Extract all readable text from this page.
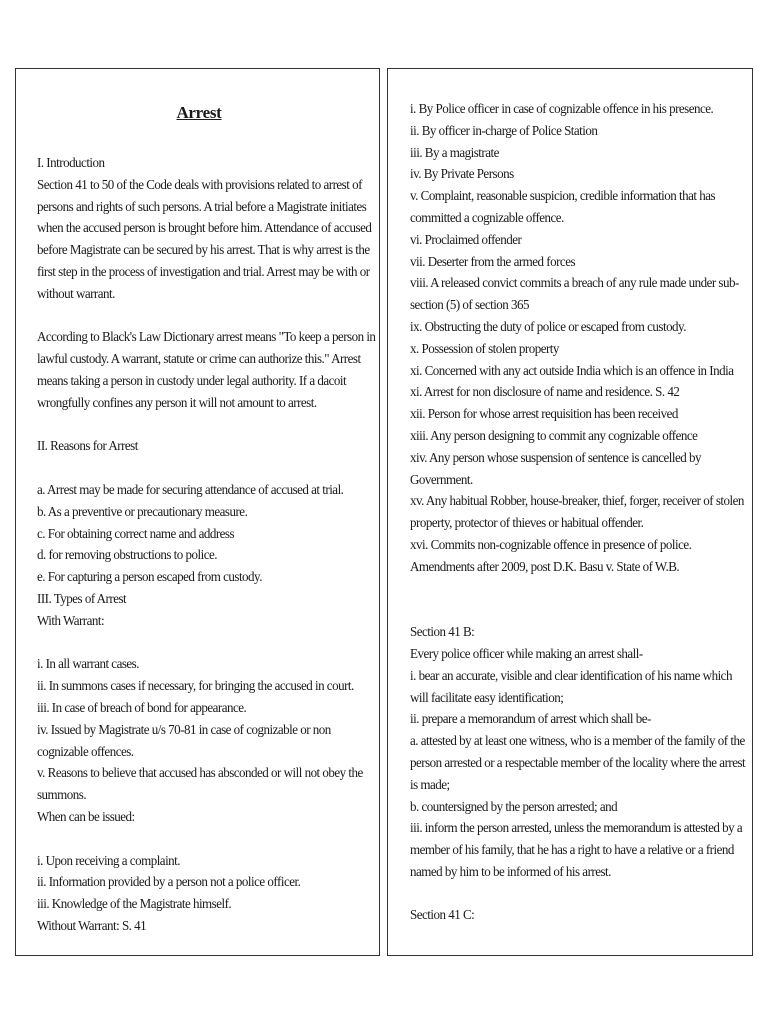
Arrest
I. Introduction
Section 41 to 50 of the Code deals with provisions related to arrest of
persons and rights of such persons. A trial before a Magistrate initiates
when the accused person is brought before him. Attendance of accused
before Magistrate can be secured by his arrest. That is why arrest is the
first step in the process of investigation and trial. Arrest may be with or
without warrant.
According to Black's Law Dictionary arrest means "To keep a person in
lawful custody. A warrant, statute or crime can authorize this." Arrest
means taking a person in custody under legal authority. If a dacoit
wrongfully confines any person it will not amount to arrest.
II. Reasons for Arrest
a. Arrest may be made for securing attendance of accused at trial.
b. As a preventive or precautionary measure.
c. For obtaining correct name and address
d. for removing obstructions to police.
e. For capturing a person escaped from custody.
III. Types of Arrest
With Warrant:
i. In all warrant cases.
ii. In summons cases if necessary, for bringing the accused in court.
iii. In case of breach of bond for appearance.
iv. Issued by Magistrate u/s 70-81 in case of cognizable or non
cognizable offences.
v. Reasons to believe that accused has absconded or will not obey the
summons.
When can be issued:
i. Upon receiving a complaint.
ii. Information provided by a person not a police officer.
iii. Knowledge of the Magistrate himself.
Without Warrant: S. 41
i. By Police officer in case of cognizable offence in his presence.
ii. By officer in-charge of Police Station
iii. By a magistrate
iv. By Private Persons
v. Complaint, reasonable suspicion, credible information that has
committed a cognizable offence.
vi. Proclaimed offender
vii. Deserter from the armed forces
viii. A released convict commits a breach of any rule made under sub-
section (5) of section 365
ix. Obstructing the duty of police or escaped from custody.
x. Possession of stolen property
xi. Concerned with any act outside India which is an offence in India
xi. Arrest for non disclosure of name and residence. S. 42
xii. Person for whose arrest requisition has been received
xiii. Any person designing to commit any cognizable offence
xiv. Any person whose suspension of sentence is cancelled by
Government.
xv. Any habitual Robber, house-breaker, thief, forger, receiver of stolen
property, protector of thieves or habitual offender.
xvi. Commits non-cognizable offence in presence of police.
Amendments after 2009, post D.K. Basu v. State of W.B.
Section 41 B:
Every police officer while making an arrest shall-
i. bear an accurate, visible and clear identification of his name which
will facilitate easy identification;
ii. prepare a memorandum of arrest which shall be-
a. attested by at least one witness, who is a member of the family of the
person arrested or a respectable member of the locality where the arrest
is made;
b. countersigned by the person arrested; and
iii. inform the person arrested, unless the memorandum is attested by a
member of his family, that he has a right to have a relative or a friend
named by him to be informed of his arrest.
Section 41 C:
